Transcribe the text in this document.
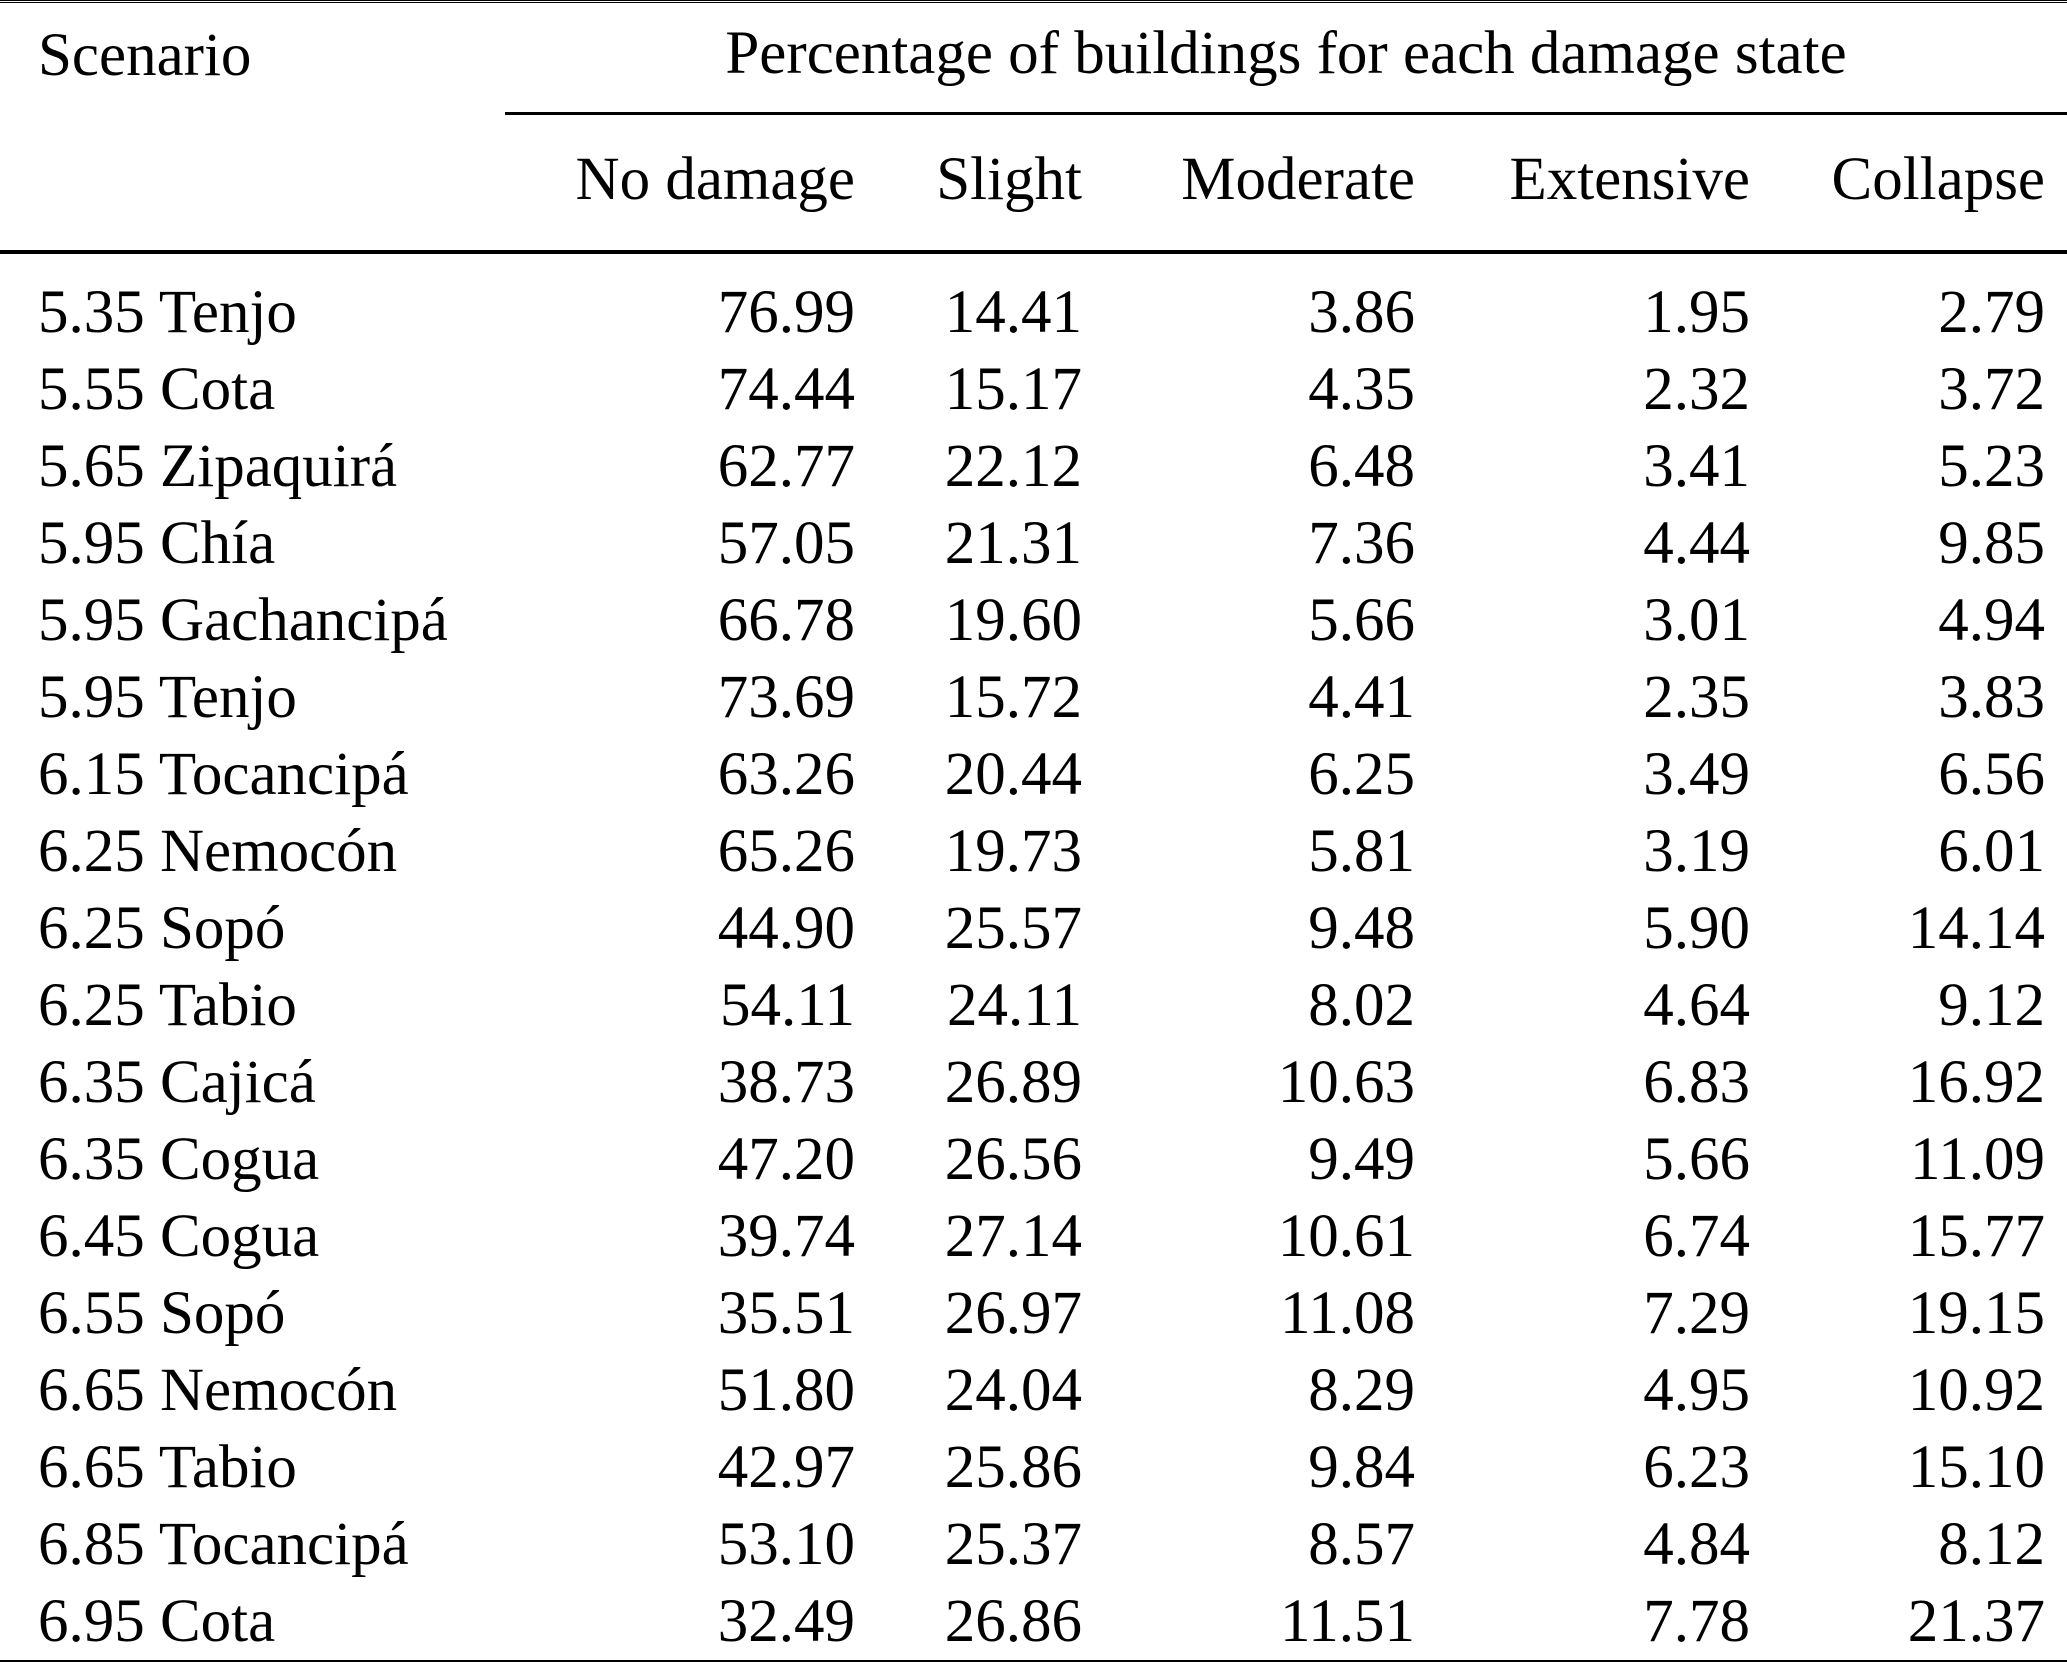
Scenario	Percentage of buildings for each damage state				
	No damage	Slight	Moderate	Extensive	Collapse
5.35 Tenjo	76.99	14.41	3.86	1.95	2.79
5.55 Cota	74.44	15.17	4.35	2.32	3.72
5.65 Zipaquirá	62.77	22.12	6.48	3.41	5.23
5.95 Chía	57.05	21.31	7.36	4.44	9.85
5.95 Gachancipá	66.78	19.60	5.66	3.01	4.94
5.95 Tenjo	73.69	15.72	4.41	2.35	3.83
6.15 Tocancipá	63.26	20.44	6.25	3.49	6.56
6.25 Nemocón	65.26	19.73	5.81	3.19	6.01
6.25 Sopó	44.90	25.57	9.48	5.90	14.14
6.25 Tabio	54.11	24.11	8.02	4.64	9.12
6.35 Cajicá	38.73	26.89	10.63	6.83	16.92
6.35 Cogua	47.20	26.56	9.49	5.66	11.09
6.45 Cogua	39.74	27.14	10.61	6.74	15.77
6.55 Sopó	35.51	26.97	11.08	7.29	19.15
6.65 Nemocón	51.80	24.04	8.29	4.95	10.92
6.65 Tabio	42.97	25.86	9.84	6.23	15.10
6.85 Tocancipá	53.10	25.37	8.57	4.84	8.12
6.95 Cota	32.49	26.86	11.51	7.78	21.37
